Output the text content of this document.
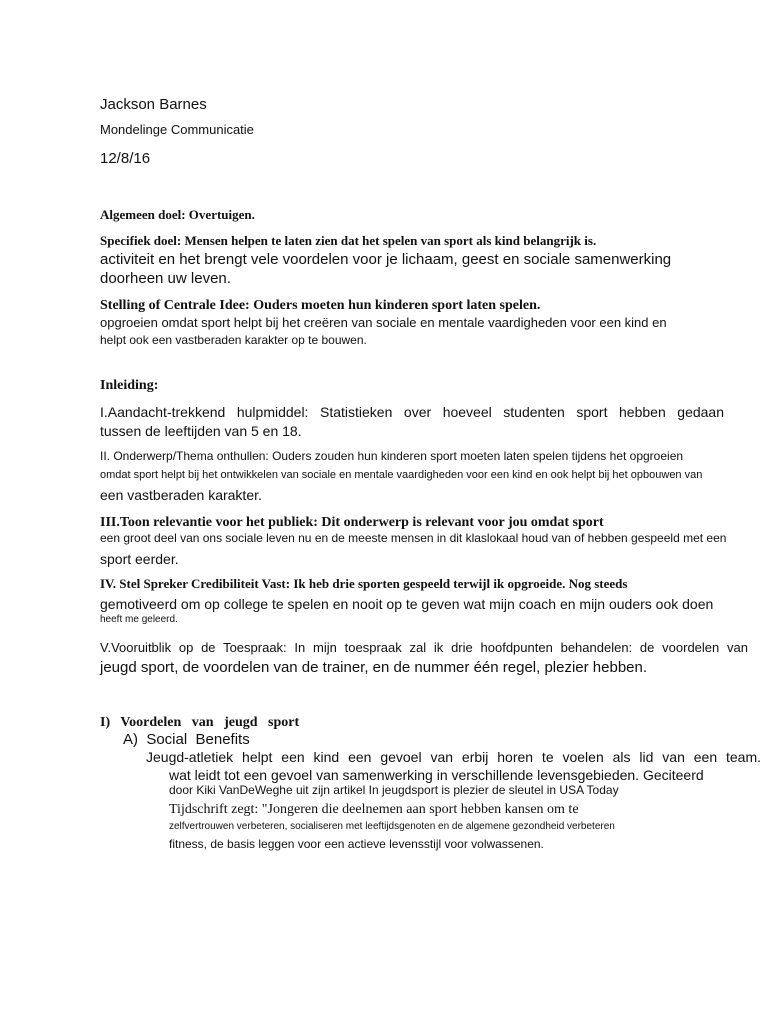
Jackson Barnes
Mondelinge Communicatie
12/8/16
Algemeen doel: Overtuigen.
Specifiek doel: Mensen helpen te laten zien dat het spelen van sport als kind belangrijk is.
activiteit en het brengt vele voordelen voor je lichaam, geest en sociale samenwerking
doorheen uw leven.
Stelling of Centrale Idee: Ouders moeten hun kinderen sport laten spelen.
opgroeien omdat sport helpt bij het creëren van sociale en mentale vaardigheden voor een kind en
helpt ook een vastberaden karakter op te bouwen.
Inleiding:
I.Aandacht-trekkend hulpmiddel: Statistieken over hoeveel studenten sport hebben gedaan
tussen de leeftijden van 5 en 18.
II. Onderwerp/Thema onthullen: Ouders zouden hun kinderen sport moeten laten spelen tijdens het opgroeien
omdat sport helpt bij het ontwikkelen van sociale en mentale vaardigheden voor een kind en ook helpt bij het opbouwen van
een vastberaden karakter.
III.Toon relevantie voor het publiek: Dit onderwerp is relevant voor jou omdat sport
een groot deel van ons sociale leven nu en de meeste mensen in dit klaslokaal houd van of hebben gespeeld met een
sport eerder.
IV. Stel Spreker Credibiliteit Vast: Ik heb drie sporten gespeeld terwijl ik opgroeide. Nog steeds
gemotiveerd om op college te spelen en nooit op te geven wat mijn coach en mijn ouders ook doen
heeft me geleerd.
V.Vooruitblik op de Toespraak: In mijn toespraak zal ik drie hoofdpunten behandelen: de voordelen van
jeugd sport, de voordelen van de trainer, en de nummer één regel, plezier hebben.
I)   Voordelen   van   jeugd   sport
A)  Social  Benefits
Jeugd-atletiek helpt een kind een gevoel van erbij horen te voelen als lid van een team.
wat leidt tot een gevoel van samenwerking in verschillende levensgebieden. Geciteerd
door Kiki VanDeWeghe uit zijn artikel In jeugdsport is plezier de sleutel in USA Today
Tijdschrift zegt: "Jongeren die deelnemen aan sport hebben kansen om te
zelfvertrouwen verbeteren, socialiseren met leeftijdsgenoten en de algemene gezondheid verbeteren
fitness, de basis leggen voor een actieve levensstijl voor volwassenen.
